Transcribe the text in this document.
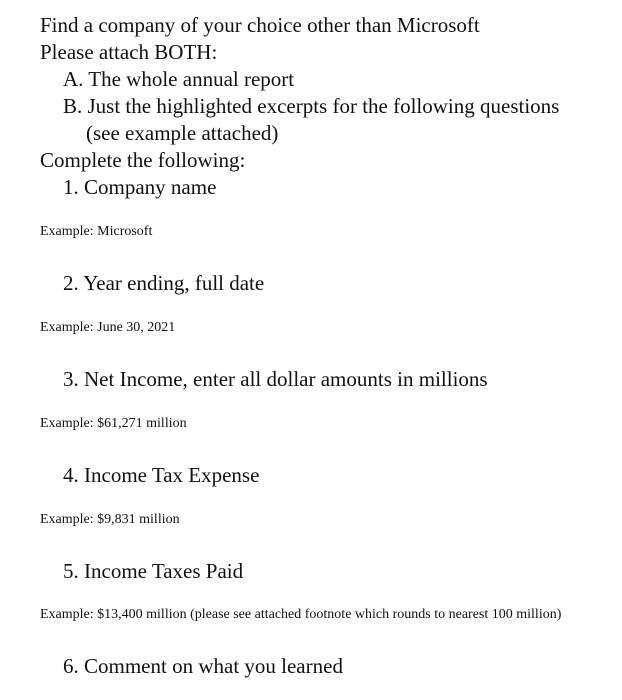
Find a company of your choice other than Microsoft
Please attach BOTH:
A. The whole annual report
B. Just the highlighted excerpts for the following questions
(see example attached)
Complete the following:
1. Company name
Example: Microsoft
2. Year ending, full date
Example: June 30, 2021
3. Net Income, enter all dollar amounts in millions
Example: $61,271 million
4. Income Tax Expense
Example: $9,831 million
5. Income Taxes Paid
Example: $13,400 million (please see attached footnote which rounds to nearest 100 million)
6. Comment on what you learned
